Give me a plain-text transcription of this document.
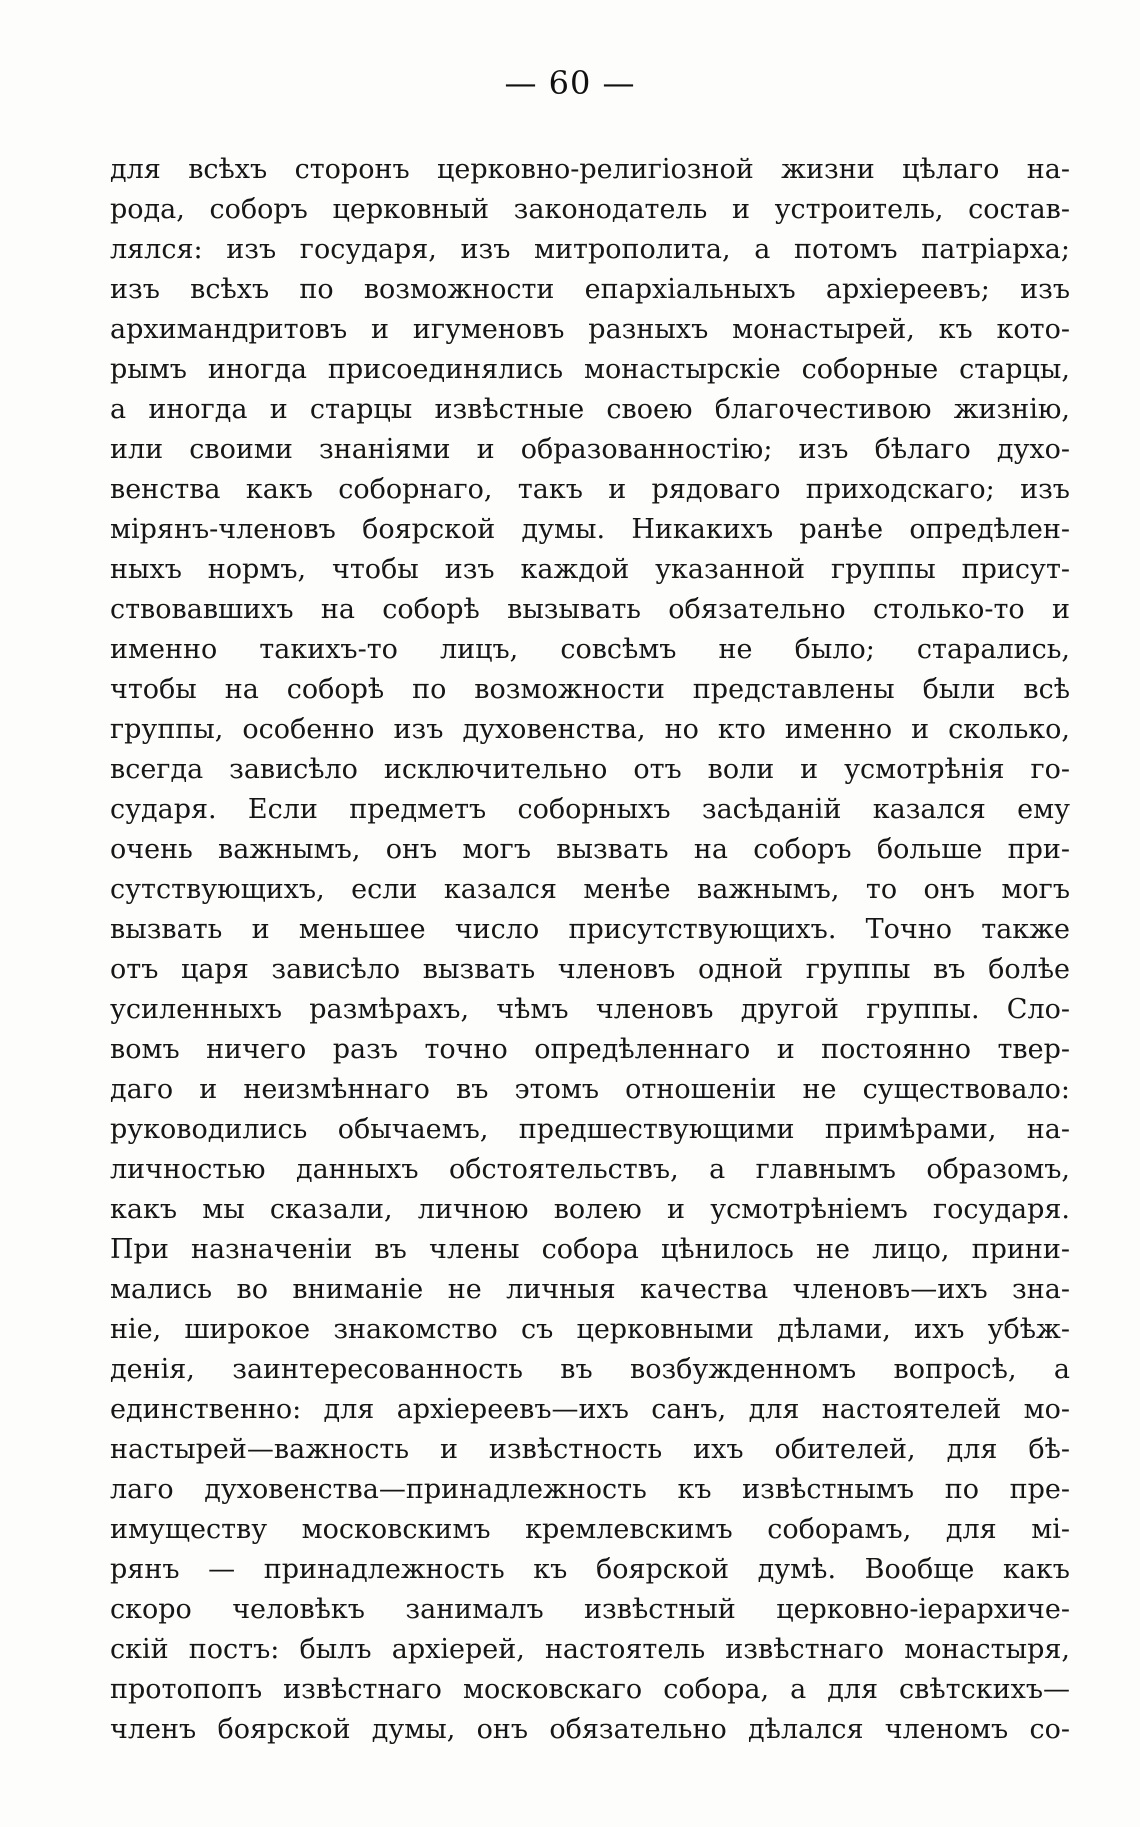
— 60 —
для всѣхъ сторонъ церковно-религіозной жизни цѣлаго на-
рода, соборъ церковный законодатель и устроитель, состав-
лялся: изъ государя, изъ митрополита, а потомъ патріарха;
изъ всѣхъ по возможности епархіальныхъ архіереевъ; изъ
архимандритовъ и игуменовъ разныхъ монастырей, къ кото-
рымъ иногда присоединялись монастырскіе соборные старцы,
а иногда и старцы извѣстные своею благочестивою жизнію,
или своими знаніями и образованностію; изъ бѣлаго духо-
венства какъ соборнаго, такъ и рядоваго приходскаго; изъ
мірянъ-членовъ боярской думы. Никакихъ ранѣе опредѣлен-
ныхъ нормъ, чтобы изъ каждой указанной группы присут-
ствовавшихъ на соборѣ вызывать обязательно столько-то и
именно такихъ-то лицъ, совсѣмъ не было; старались,
чтобы на соборѣ по возможности представлены были всѣ
группы, особенно изъ духовенства, но кто именно и сколько,
всегда зависѣло исключительно отъ воли и усмотрѣнія го-
сударя. Если предметъ соборныхъ засѣданій казался ему
очень важнымъ, онъ могъ вызвать на соборъ больше при-
сутствующихъ, если казался менѣе важнымъ, то онъ могъ
вызвать и меньшее число присутствующихъ. Точно также
отъ царя зависѣло вызвать членовъ одной группы въ болѣе
усиленныхъ размѣрахъ, чѣмъ членовъ другой группы. Сло-
вомъ ничего разъ точно опредѣленнаго и постоянно твер-
даго и неизмѣннаго въ этомъ отношеніи не существовало:
руководились обычаемъ, предшествующими примѣрами, на-
личностью данныхъ обстоятельствъ, а главнымъ образомъ,
какъ мы сказали, личною волею и усмотрѣніемъ государя.
При назначеніи въ члены собора цѣнилось не лицо, прини-
мались во вниманіе не личныя качества членовъ—ихъ зна-
ніе, широкое знакомство съ церковными дѣлами, ихъ убѣж-
денія, заинтересованность въ возбужденномъ вопросѣ, а
единственно: для архіереевъ—ихъ санъ, для настоятелей мо-
настырей—важность и извѣстность ихъ обителей, для бѣ-
лаго духовенства—принадлежность къ извѣстнымъ по пре-
имуществу московскимъ кремлевскимъ соборамъ, для мі-
рянъ — принадлежность къ боярской думѣ. Вообще какъ
скоро человѣкъ занималъ извѣстный церковно-іерархиче-
скій постъ: былъ архіерей, настоятель извѣстнаго монастыря,
протопопъ извѣстнаго московскаго собора, а для свѣтскихъ—
членъ боярской думы, онъ обязательно дѣлался членомъ со-
